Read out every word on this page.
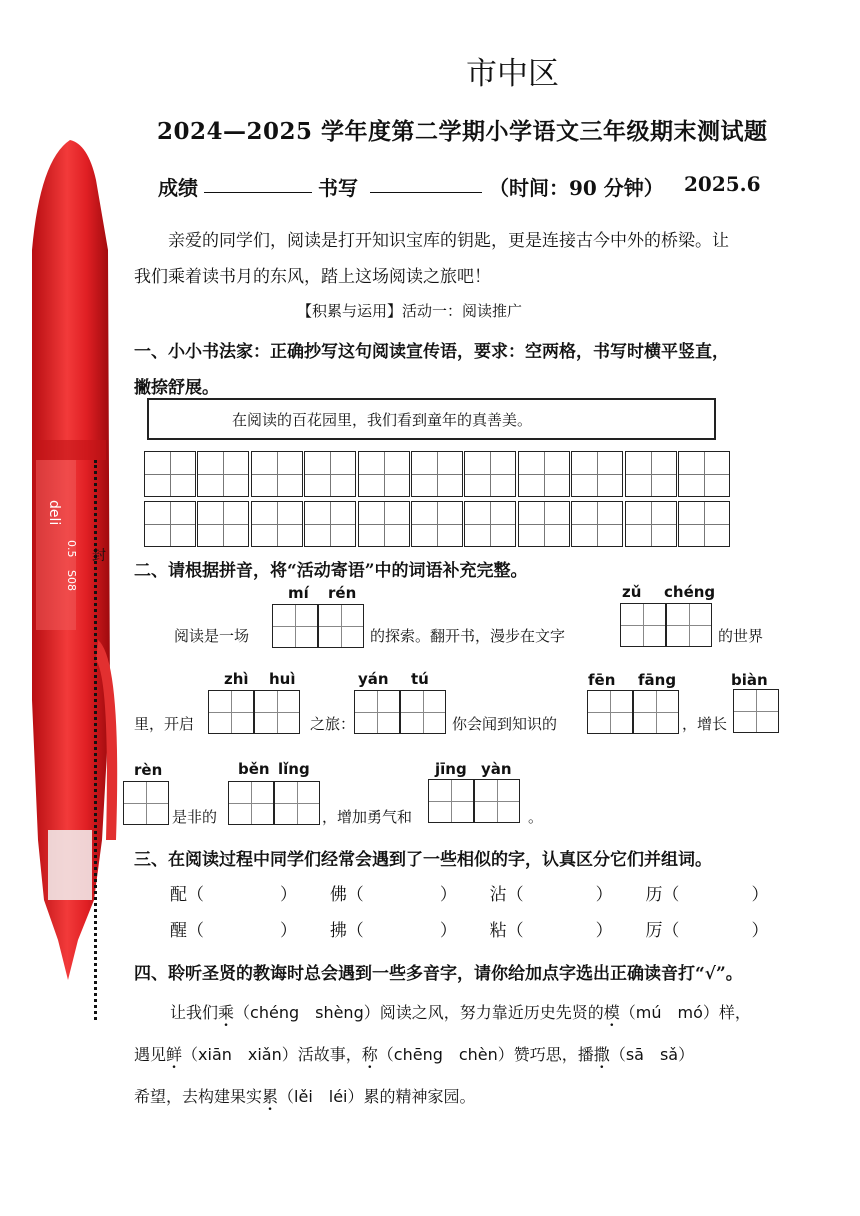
deli
0.5
S08
封
市中区
2024—2025 学年度第二学期小学语文三年级期末测试题
成绩	书写	（时间：90 分钟） 2025.6
亲爱的同学们，阅读是打开知识宝库的钥匙，更是连接古今中外的桥梁。让
我们乘着读书月的东风，踏上这场阅读之旅吧！
【积累与运用】活动一：阅读推广
一、小小书法家：正确抄写这句阅读宣传语，要求：空两格，书写时横平竖直，
撇捺舒展。
在阅读的百花园里，我们看到童年的真善美。
二、请根据拼音，将“活动寄语”中的词语补充完整。
mí rén	zǔ chéng
阅读是一场	的探索。翻开书，漫步在文字	的世界
zhì huì	yán tú	fēn fāng	biàn
里，开启	之旅：	你会闻到知识的	，增长
rèn	běn lǐng	jīng yàn
是非的	，增加勇气和	。
三、在阅读过程中同学们经常会遇到了一些相似的字，认真区分它们并组词。
配（	） 佛（	） 沾（	） 历（	）
醒（	） 拂（	） 粘（	） 厉（	）
四、聆听圣贤的教诲时总会遇到一些多音字，请你给加点字选出正确读音打“√”。
让我们乘（chéng　shèng）阅读之风，努力靠近历史先贤的模（mú　mó）样，
遇见鲜（xiān　xiǎn）活故事，称（chēng　chèn）赞巧思，播撒（sā　sǎ）
希望，去构建果实累（lěi　léi）累的精神家园。
